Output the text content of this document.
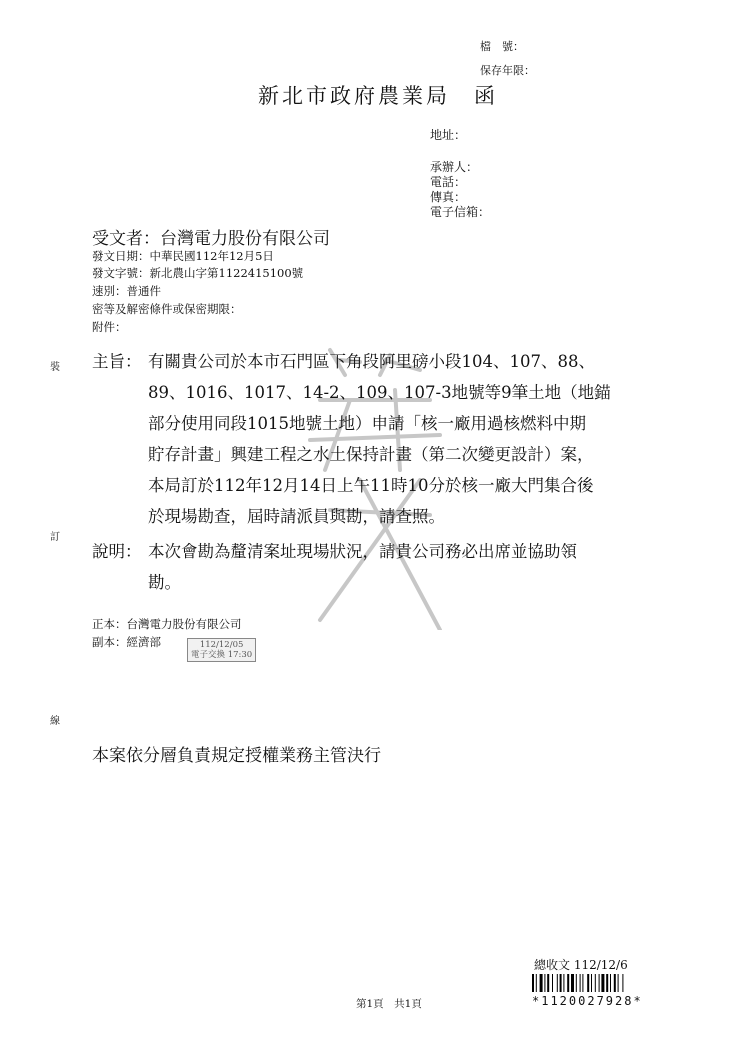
檔　號：
保存年限：
新北市政府農業局　函
地址：
承辦人：
電話：
傳真：
電子信箱：
受文者：台灣電力股份有限公司
發文日期：中華民國112年12月5日
發文字號：新北農山字第1122415100號
速別：普通件
密等及解密條件或保密期限：
附件：
裝
訂
線
主旨： 有關貴公司於本市石門區下角段阿里磅小段104、107、88、
89、1016、1017、14-2、109、107-3地號等9筆土地（地錨
部分使用同段1015地號土地）申請「核一廠用過核燃料中期
貯存計畫」興建工程之水土保持計畫（第二次變更設計）案，
本局訂於112年12月14日上午11時10分於核一廠大門集合後
於現場勘查，屆時請派員與勘，請查照。
說明： 本次會勘為釐清案址現場狀況，請貴公司務必出席並協助領
勘。
正本：台灣電力股份有限公司
副本：經濟部	112/12/05
電子交換 17:30
本案依分層負責規定授權業務主管決行
總收文 112/12/6
*1120027928*
第1頁　共1頁
